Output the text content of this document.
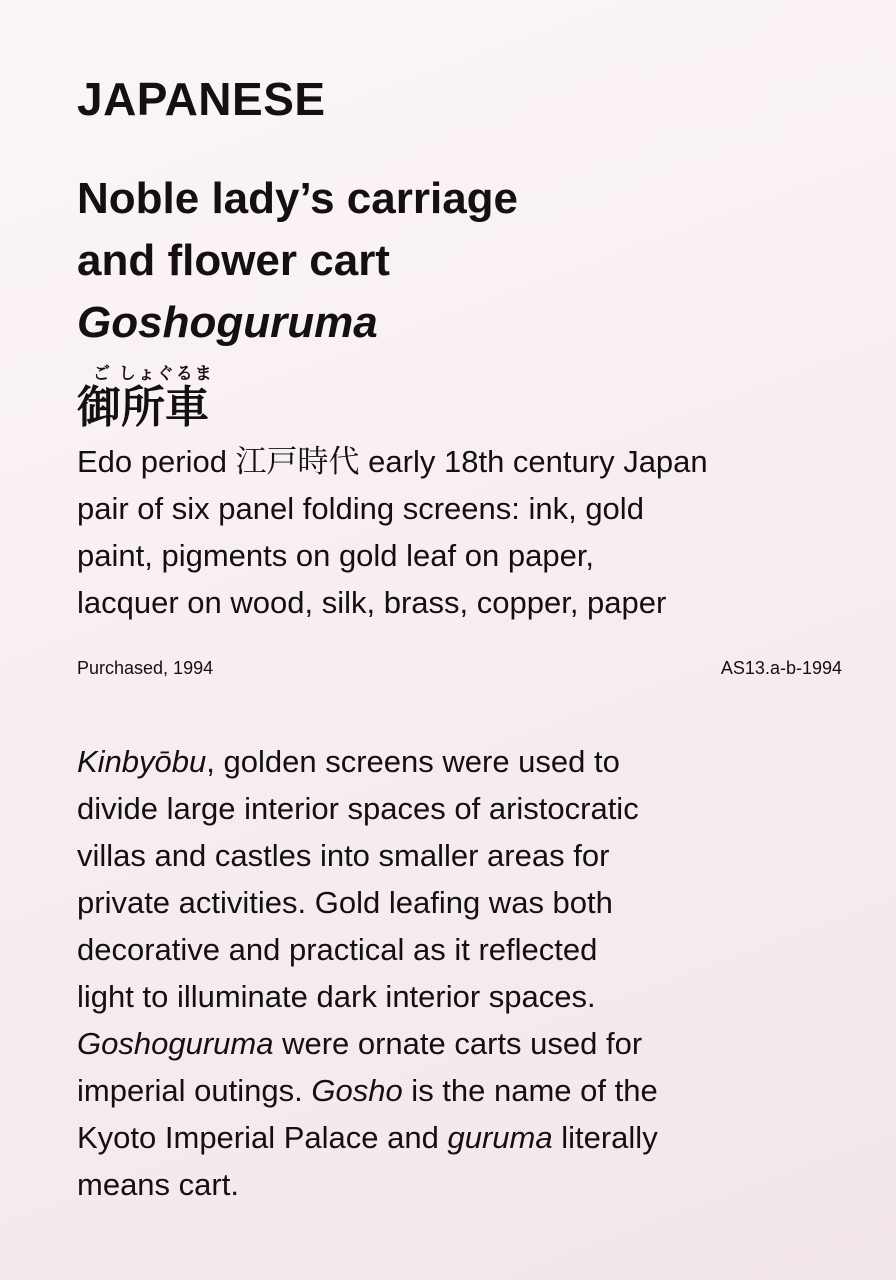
JAPANESE
Noble lady’s carriage
and flower cart
Goshoguruma
ご しょぐるま
御所車
Edo period 江戸時代 early 18th century Japan
pair of six panel folding screens: ink, gold
paint, pigments on gold leaf on paper,
lacquer on wood, silk, brass, copper, paper
Purchased, 1994	AS13.a-b-1994
Kinbyōbu, golden screens were used to
divide large interior spaces of aristocratic
villas and castles into smaller areas for
private activities. Gold leafing was both
decorative and practical as it reflected
light to illuminate dark interior spaces.
Goshoguruma were ornate carts used for
imperial outings. Gosho is the name of the
Kyoto Imperial Palace and guruma literally
means cart.
